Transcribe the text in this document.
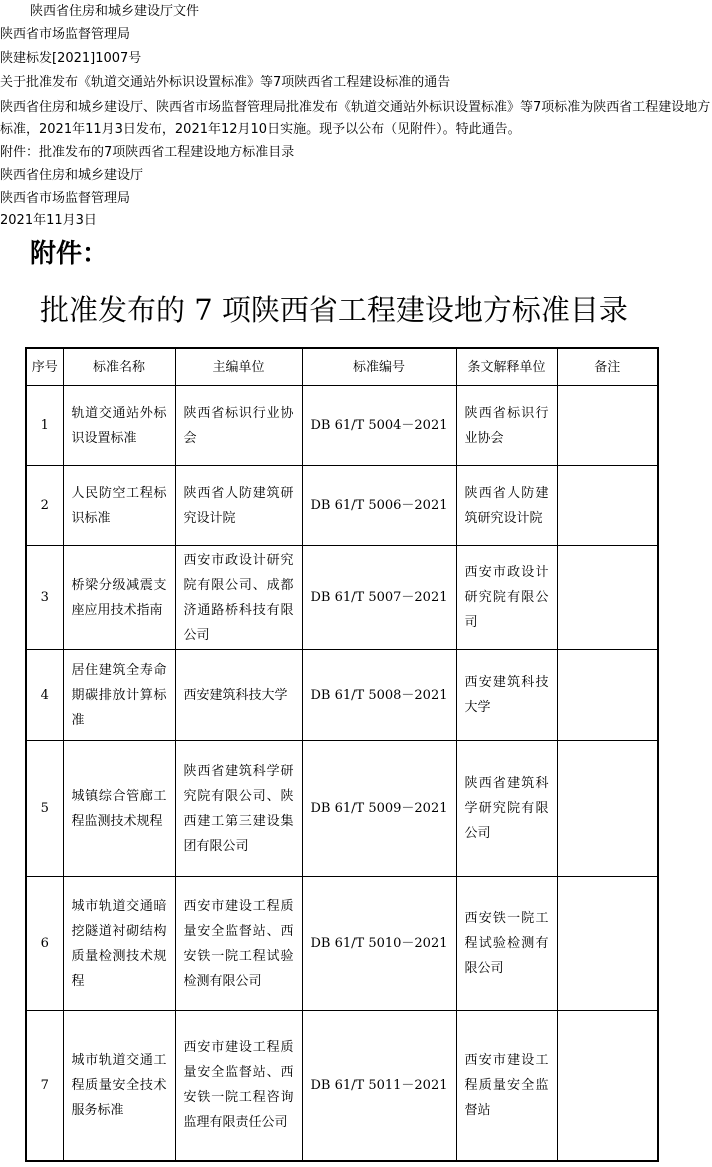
陕西省住房和城乡建设厅文件
陕西省市场监督管理局
陕建标发[2021]1007号
关于批准发布《轨道交通站外标识设置标准》等7项陕西省工程建设标准的通告
陕西省住房和城乡建设厅、陕西省市场监督管理局批准发布《轨道交通站外标识设置标准》等7项标准为陕西省工程建设地方标准，2021年11月3日发布，2021年12月10日实施。现予以公布（见附件）。特此通告。
附件：批准发布的7项陕西省工程建设地方标准目录
陕西省住房和城乡建设厅
陕西省市场监督管理局
2021年11月3日
附件：
批准发布的 7 项陕西省工程建设地方标准目录
序号	标准名称	主编单位	标准编号	条文解释单位	备注
1	轨道交通站外标识设置标准	陕西省标识行业协会	DB 61/T 5004－2021	陕西省标识行业协会	
2	人民防空工程标识标准	陕西省人防建筑研究设计院	DB 61/T 5006－2021	陕西省人防建筑研究设计院	
3	桥梁分级减震支座应用技术指南	西安市政设计研究院有限公司、成都济通路桥科技有限公司	DB 61/T 5007－2021	西安市政设计研究院有限公司	
4	居住建筑全寿命期碳排放计算标准	西安建筑科技大学	DB 61/T 5008－2021	西安建筑科技大学	
5	城镇综合管廊工程监测技术规程	陕西省建筑科学研究院有限公司、陕西建工第三建设集团有限公司	DB 61/T 5009－2021	陕西省建筑科学研究院有限公司	
6	城市轨道交通暗挖隧道衬砌结构质量检测技术规程	西安市建设工程质量安全监督站、西安铁一院工程试验检测有限公司	DB 61/T 5010－2021	西安铁一院工程试验检测有限公司	
7	城市轨道交通工程质量安全技术服务标准	西安市建设工程质量安全监督站、西安铁一院工程咨询监理有限责任公司	DB 61/T 5011－2021	西安市建设工程质量安全监督站	
